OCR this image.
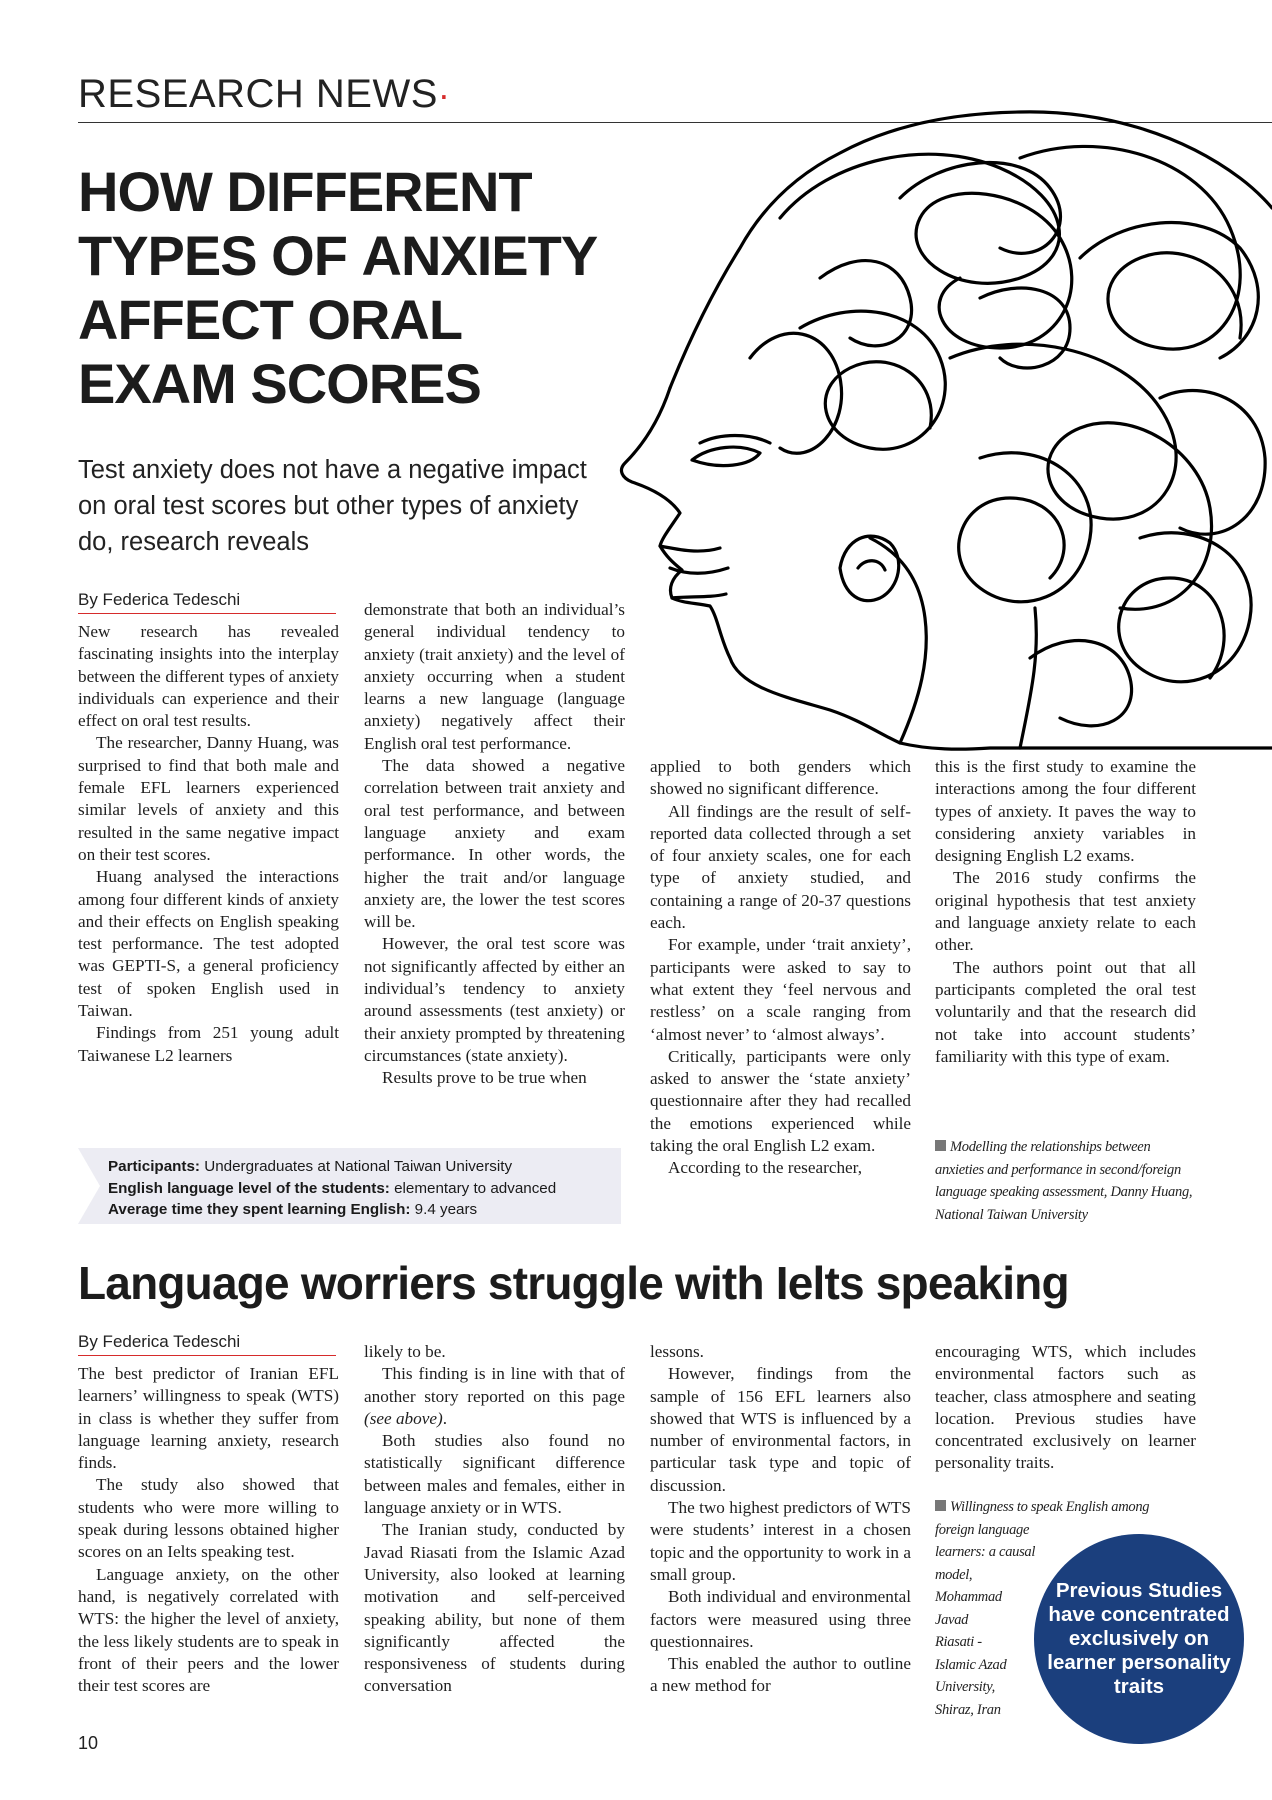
RESEARCH NEWS·

HOW DIFFERENT

TYPES OF ANXIETY

AFFECT ORAL

EXAM SCORES

Test anxiety does not have a negative impact on oral test scores but other types of anxiety do, research reveals
By Federica Tedeschi

New research has revealed fascinating insights into the interplay between the different types of anxiety individuals can experience and their effect on oral test results.

The researcher, Danny Huang, was surprised to find that both male and female EFL learners experienced similar levels of anxiety and this resulted in the same negative impact on their test scores.

Huang analysed the interactions among four different kinds of anxiety and their effects on English speaking test performance. The test adopted was GEPTI-S, a general proficiency test of spoken English used in Taiwan.

Findings from 251 young adult Taiwanese L2 learners

demonstrate that both an individual’s general individual tendency to anxiety (trait anxiety) and the level of anxiety occurring when a student learns a new language (language anxiety) negatively affect their English oral test performance.

The data showed a negative correlation between trait anxiety and oral test performance, and between language anxiety and exam performance. In other words, the higher the trait and/or language anxiety are, the lower the test scores will be.

However, the oral test score was not significantly affected by either an individual’s tendency to anxiety around assessments (test anxiety) or their anxiety prompted by threatening circumstances (state anxiety).

Results prove to be true when

applied to both genders which showed no significant difference.

All findings are the result of self-reported data collected through a set of four anxiety scales, one for each type of anxiety studied, and containing a range of 20-37 questions each.

For example, under ‘trait anxiety’, participants were asked to say to what extent they ‘feel nervous and restless’ on a scale ranging from ‘almost never’ to ‘almost always’.

Critically, participants were only asked to answer the ‘state anxiety’ questionnaire after they had recalled the emotions experienced while taking the oral English L2 exam.

According to the researcher,

this is the first study to examine the interactions among the four different types of anxiety. It paves the way to considering anxiety variables in designing English L2 exams.

The 2016 study confirms the original hypothesis that test anxiety and language anxiety relate to each other.

The authors point out that all participants completed the oral test voluntarily and that the research did not take into account students’ familiarity with this type of exam.

Modelling the relationships between anxieties and performance in second/foreign language speaking assessment, Danny Huang, National Taiwan University
Participants: Undergraduates at National Taiwan University
English language level of the students: elementary to advanced
Average time they spent learning English: 9.4 years
Language worriers struggle with Ielts speaking
By Federica Tedeschi

The best predictor of Iranian EFL learners’ willingness to speak (WTS) in class is whether they suffer from language learning anxiety, research finds.

The study also showed that students who were more willing to speak during lessons obtained higher scores on an Ielts speaking test.

Language anxiety, on the other hand, is negatively correlated with WTS: the higher the level of anxiety, the less likely students are to speak in front of their peers and the lower their test scores are

likely to be.

This finding is in line with that of another story reported on this page (see above).

Both studies also found no statistically significant difference between males and females, either in language anxiety or in WTS.

The Iranian study, conducted by Javad Riasati from the Islamic Azad University, also looked at learning motivation and self-perceived speaking ability, but none of them significantly affected the responsiveness of students during conversation

lessons.

However, findings from the sample of 156 EFL learners also showed that WTS is influenced by a number of environmental factors, in particular task type and topic of discussion.

The two highest predictors of WTS were students’ interest in a chosen topic and the opportunity to work in a small group.

Both individual and environmental factors were measured using three questionnaires.

This enabled the author to outline a new method for

encouraging WTS, which includes environmental factors such as teacher, class atmosphere and seating location. Previous studies have concentrated exclusively on learner personality traits.

Willingness to speak English among
foreign language
learners: a causal
model,
Mohammad
Javad
Riasati -
Islamic Azad
University,
Shiraz, Iran
Previous Studies have concentrated exclusively on learner personality traits
10
